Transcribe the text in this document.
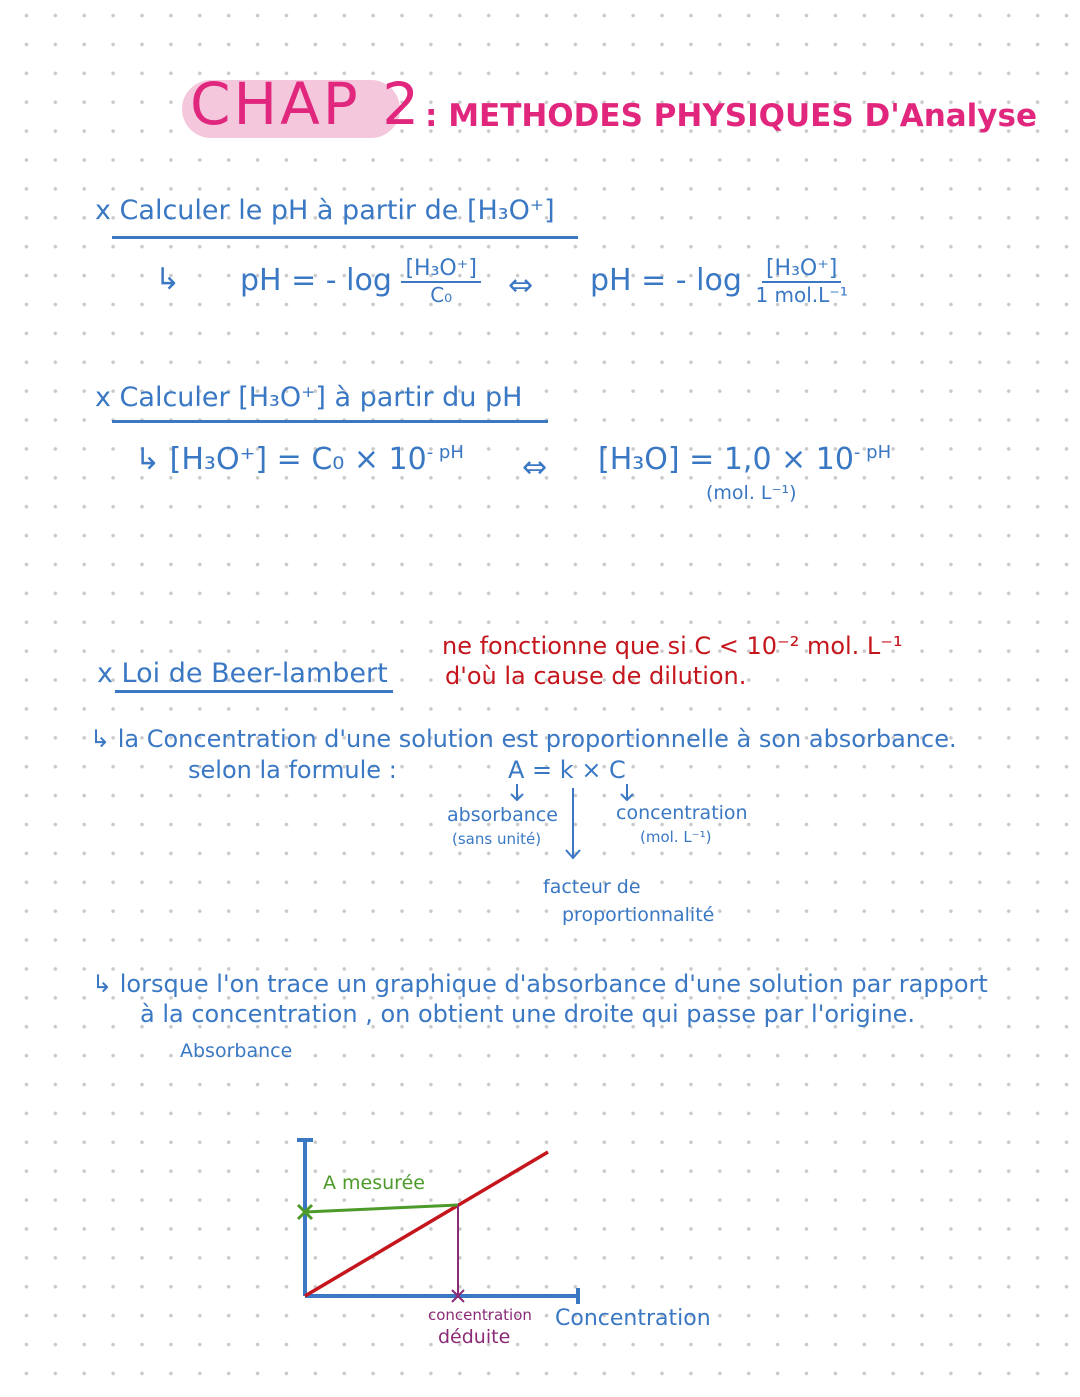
CHAP 2 : METHODES PHYSIQUES D'Analyse
x Calculer le pH à partir de [H₃O⁺]
↳ pH = - $\log \frac{\text{[H₃O⁺]}}{\text{C₀}}$ ⇔ pH = - $\log \frac{\text{[H₃O⁺]}}{\text{1 mol.L⁻¹}}$
x Calculer [H₃O⁺] à partir du pH
↳ $[H_3O^+] = C_0 \times 10^{- pH}$ ⇔ $[H_3O] = 1,0 \times 10^{- pH}$
(mol. L⁻¹)
x Loi de Beer-lambert
ne fonctionne que si C < 10⁻² mol. L⁻¹
d'où la cause de dilution.
↳ la Concentration d'une solution est proportionnelle à son absorbance.
selon la formule :	A = k × C
absorbance
(sans unité)
concentration
(mol. L⁻¹)
facteur de
proportionnalité
↳ lorsque l'on trace un graphique d'absorbance d'une solution par rapport
à la concentration , on obtient une droite qui passe par l'origine.
Absorbance
Concentration
A mesurée
concentration
déduite
